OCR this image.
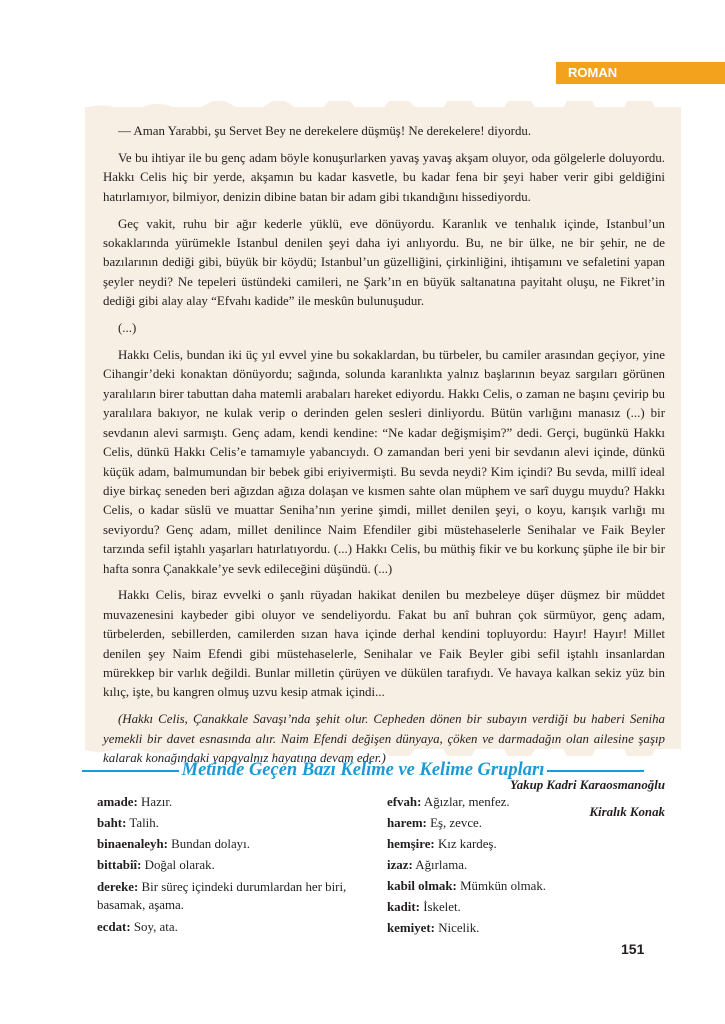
ROMAN

— Aman Yarabbi, şu Servet Bey ne derekelere düşmüş! Ne derekelere! diyordu.

Ve bu ihtiyar ile bu genç adam böyle konuşurlarken yavaş yavaş akşam oluyor, oda gölgelerle doluyordu. Hakkı Celis hiç bir yerde, akşamın bu kadar kasvetle, bu kadar fena bir şeyi haber verir gibi geldiğini hatırlamıyor, bilmiyor, denizin dibine batan bir adam gibi tıkandığını hissediyordu.

Geç vakit, ruhu bir ağır kederle yüklü, eve dönüyordu. Karanlık ve tenhalık içinde, Istanbul’un sokaklarında yürümekle Istanbul denilen şeyi daha iyi anlıyordu. Bu, ne bir ülke, ne bir şehir, ne de bazılarının dediği gibi, büyük bir köydü; Istanbul’un güzelliğini, çirkinliğini, ihtişamını ve sefaletini yapan şeyler neydi? Ne tepeleri üstündeki camileri, ne Şark’ın en büyük saltanatına payitaht oluşu, ne Fikret’in dediği gibi alay alay “Efvahı kadide” ile meskûn bulunuşudur.

(...)

Hakkı Celis, bundan iki üç yıl evvel yine bu sokaklardan, bu türbeler, bu camiler arasından geçiyor, yine Cihangir’deki konaktan dönüyordu; sağında, solunda karanlıkta yalnız başlarının beyaz sargıları görünen yaralıların birer tabuttan daha matemli arabaları hareket ediyordu. Hakkı Celis, o zaman ne başını çevirip bu yaralılara bakıyor, ne kulak verip o derinden gelen sesleri dinliyordu. Bütün varlığını manasız (...) bir sevdanın alevi sarmıştı. Genç adam, kendi kendine: “Ne kadar değişmişim?” dedi. Gerçi, bugünkü Hakkı Celis, dünkü Hakkı Celis’e tamamıyle yabancıydı. O zamandan beri yeni bir sevdanın alevi içinde, dünkü küçük adam, balmumundan bir bebek gibi eriyivermişti. Bu sevda neydi? Kim içindi? Bu sevda, millî ideal diye birkaç seneden beri ağızdan ağıza dolaşan ve kısmen sahte olan müphem ve sarî duygu muydu? Hakkı Celis, o kadar süslü ve muattar Seniha’nın yerine şimdi, millet denilen şeyi, o koyu, karışık varlığı mı seviyordu? Genç adam, millet denilince Naim Efendiler gibi müstehaselerle Senihalar ve Faik Beyler tarzında sefil iştahlı yaşarları hatırlatıyordu. (...) Hakkı Celis, bu müthiş fikir ve bu korkunç şüphe ile bir bir hafta sonra Çanakkale’ye sevk edileceğini düşündü. (...)

Hakkı Celis, biraz evvelki o şanlı rüyadan hakikat denilen bu mezbeleye düşer düşmez bir müddet muvazenesini kaybeder gibi oluyor ve sendeliyordu. Fakat bu anî buhran çok sürmüyor, genç adam, türbelerden, sebillerden, camilerden sızan hava içinde derhal kendini topluyordu: Hayır! Hayır! Millet denilen şey Naim Efendi gibi müstehaselerle, Senihalar ve Faik Beyler gibi sefil iştahlı insanlardan mürekkep bir varlık değildi. Bunlar milletin çürüyen ve dükülen tarafıydı. Ve havaya kalkan sekiz yüz bin kılıç, işte, bu kangren olmuş uzvu kesip atmak içindi...

(Hakkı Celis, Çanakkale Savaşı’nda şehit olur. Cepheden dönen bir subayın verdiği bu haberi Seniha yemekli bir davet esnasında alır. Naim Efendi değişen dünyaya, çöken ve darmadağın olan ailesine şaşıp kalarak konağındaki yapayalnız hayatına devam eder.)

Yakup Kadri Karaosmanoğlu

Kiralık Konak

Metinde Geçen Bazı Kelime ve Kelime Grupları
amade: Hazır.
baht: Talih.
binaenaleyh: Bundan dolayı.
bittabiî: Doğal olarak.
dereke: Bir süreç içindeki durumlardan her biri, basamak, aşama.
ecdat: Soy, ata.
efvah: Ağızlar, menfez.
harem: Eş, zevce.
hemşire: Kız kardeş.
izaz: Ağırlama.
kabil olmak: Mümkün olmak.
kadit: İskelet.
kemiyet: Nicelik.
151
